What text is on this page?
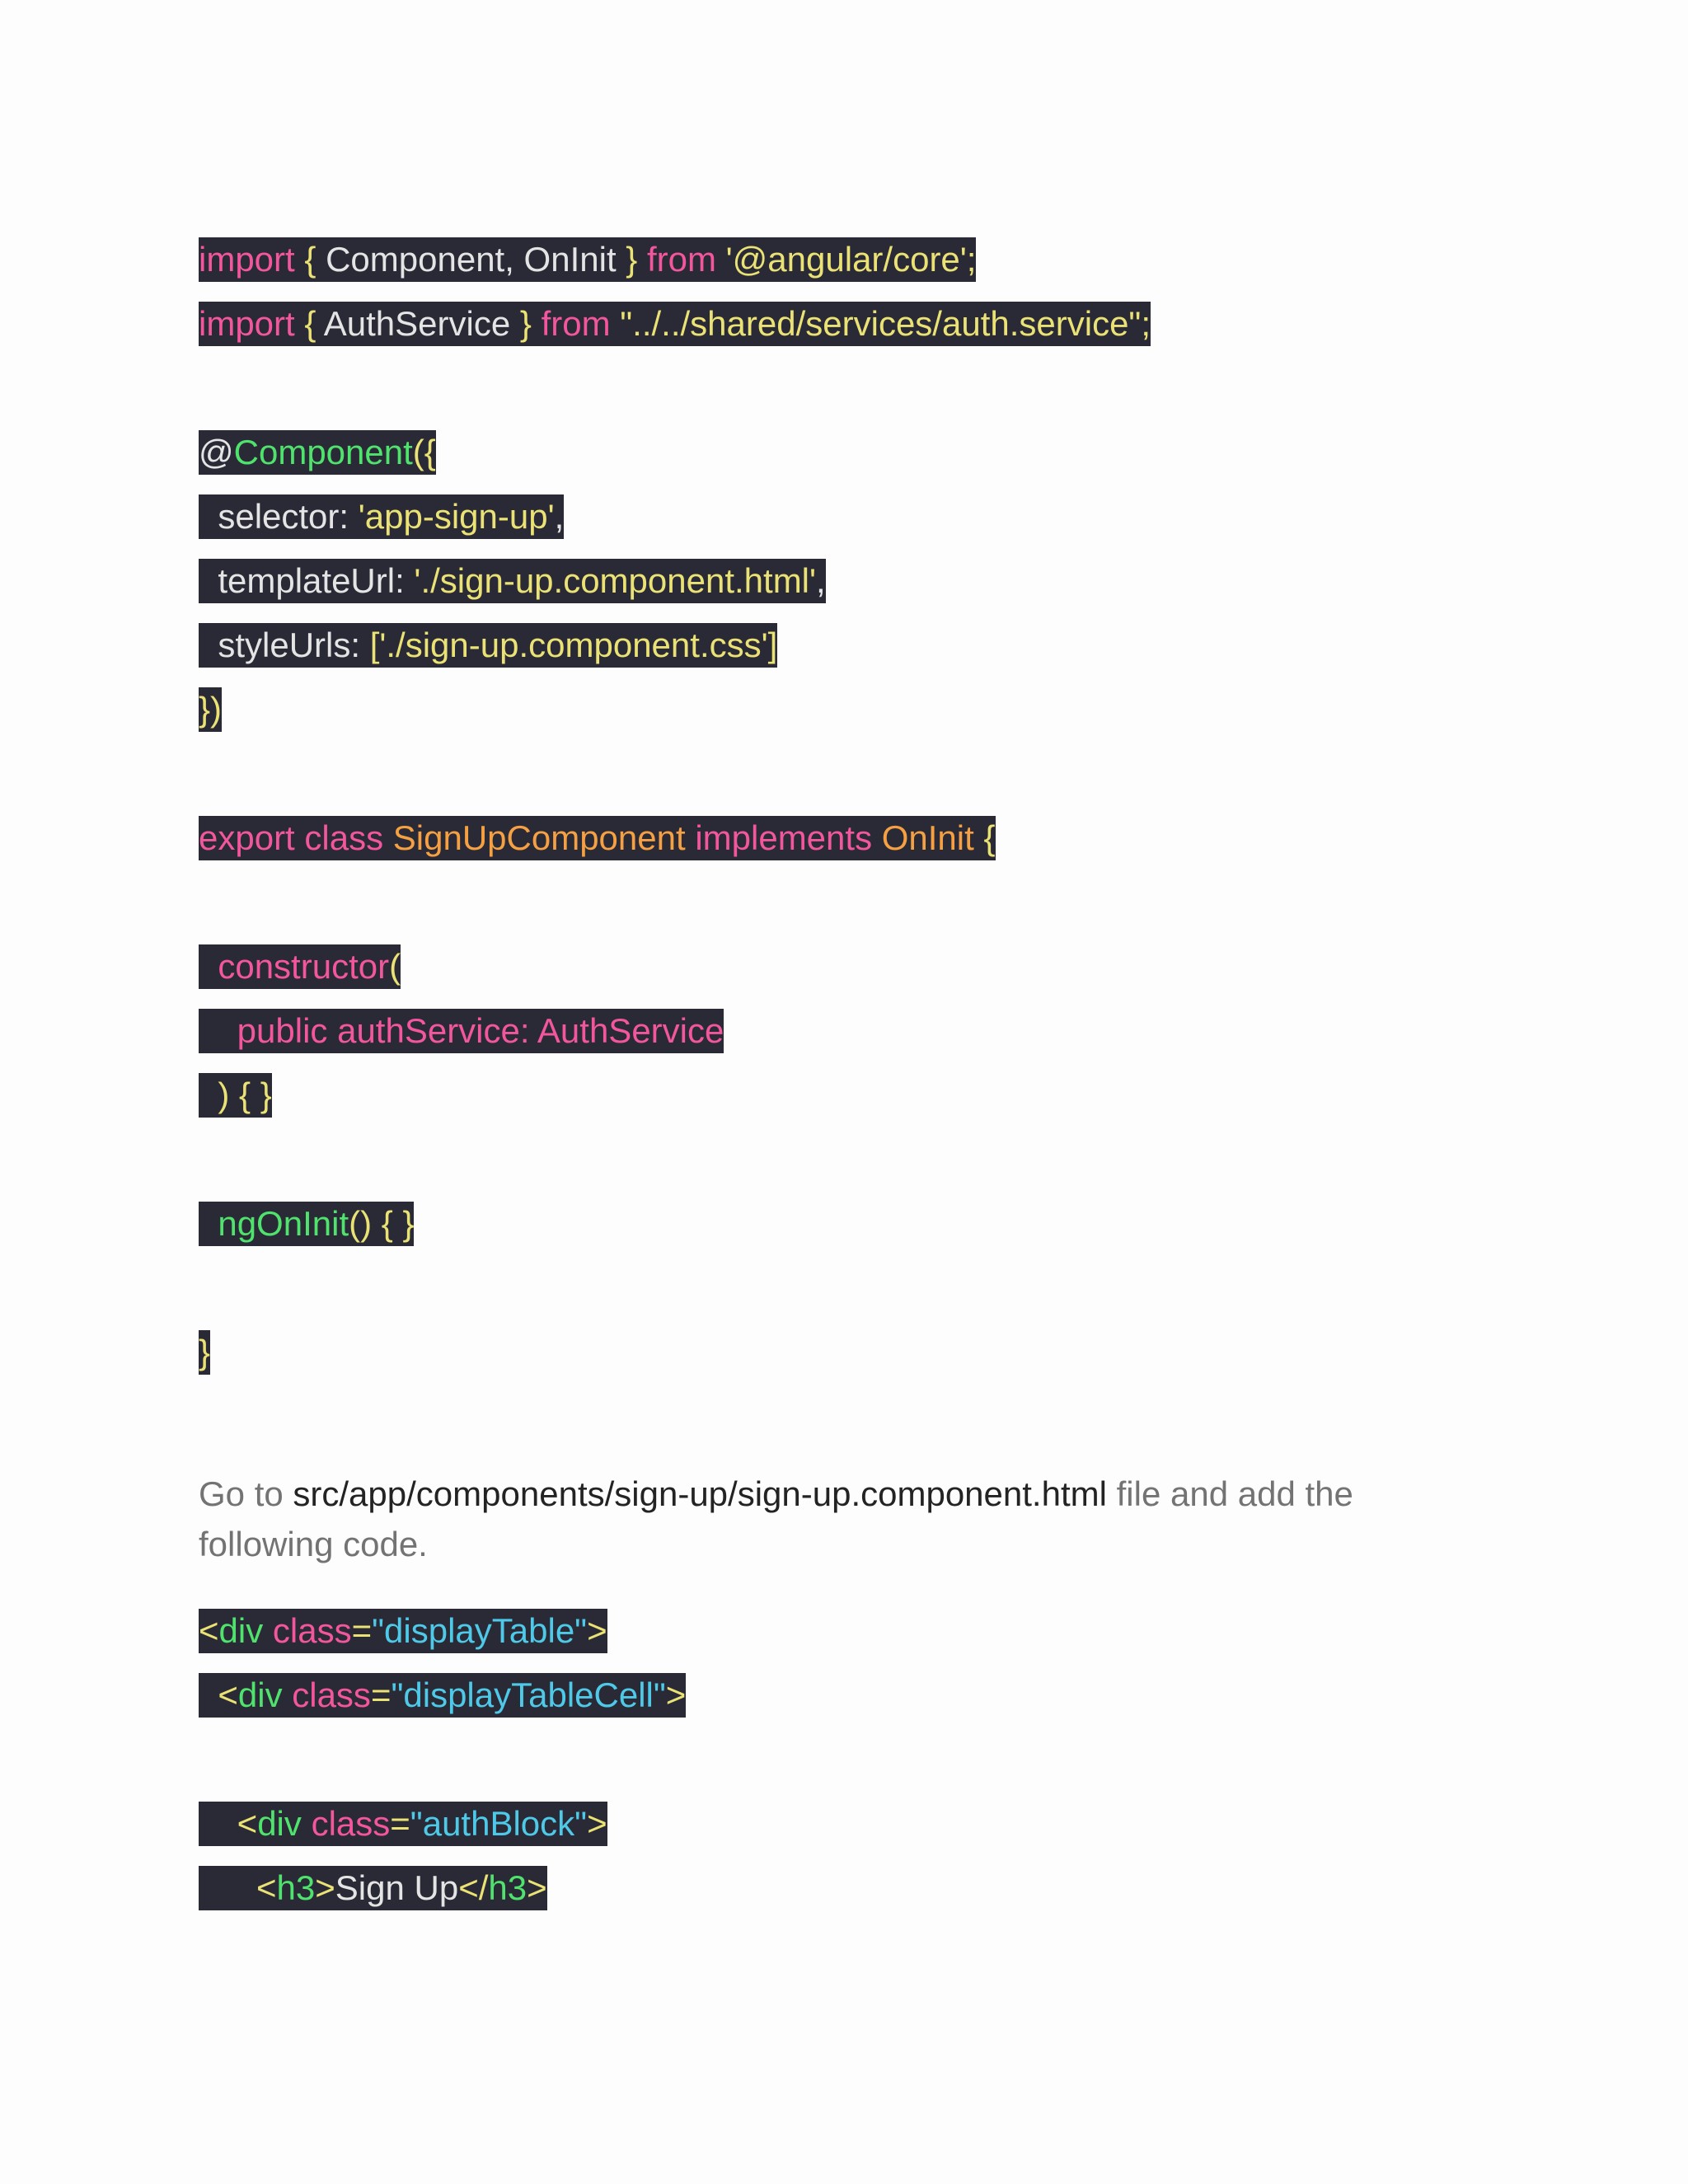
import { Component, OnInit } from '@angular/core';
import { AuthService } from "../../shared/services/auth.service";
@Component({
selector: 'app-sign-up',
templateUrl: './sign-up.component.html',
styleUrls: ['./sign-up.component.css']
})
export class SignUpComponent implements OnInit {
constructor(
public authService: AuthService
) { }
ngOnInit() { }
}

Go to src/app/components/sign-up/sign-up.component.html file and add the following code.

<div class="displayTable">
<div class="displayTableCell">
<div class="authBlock">
<h3>Sign Up</h3>
